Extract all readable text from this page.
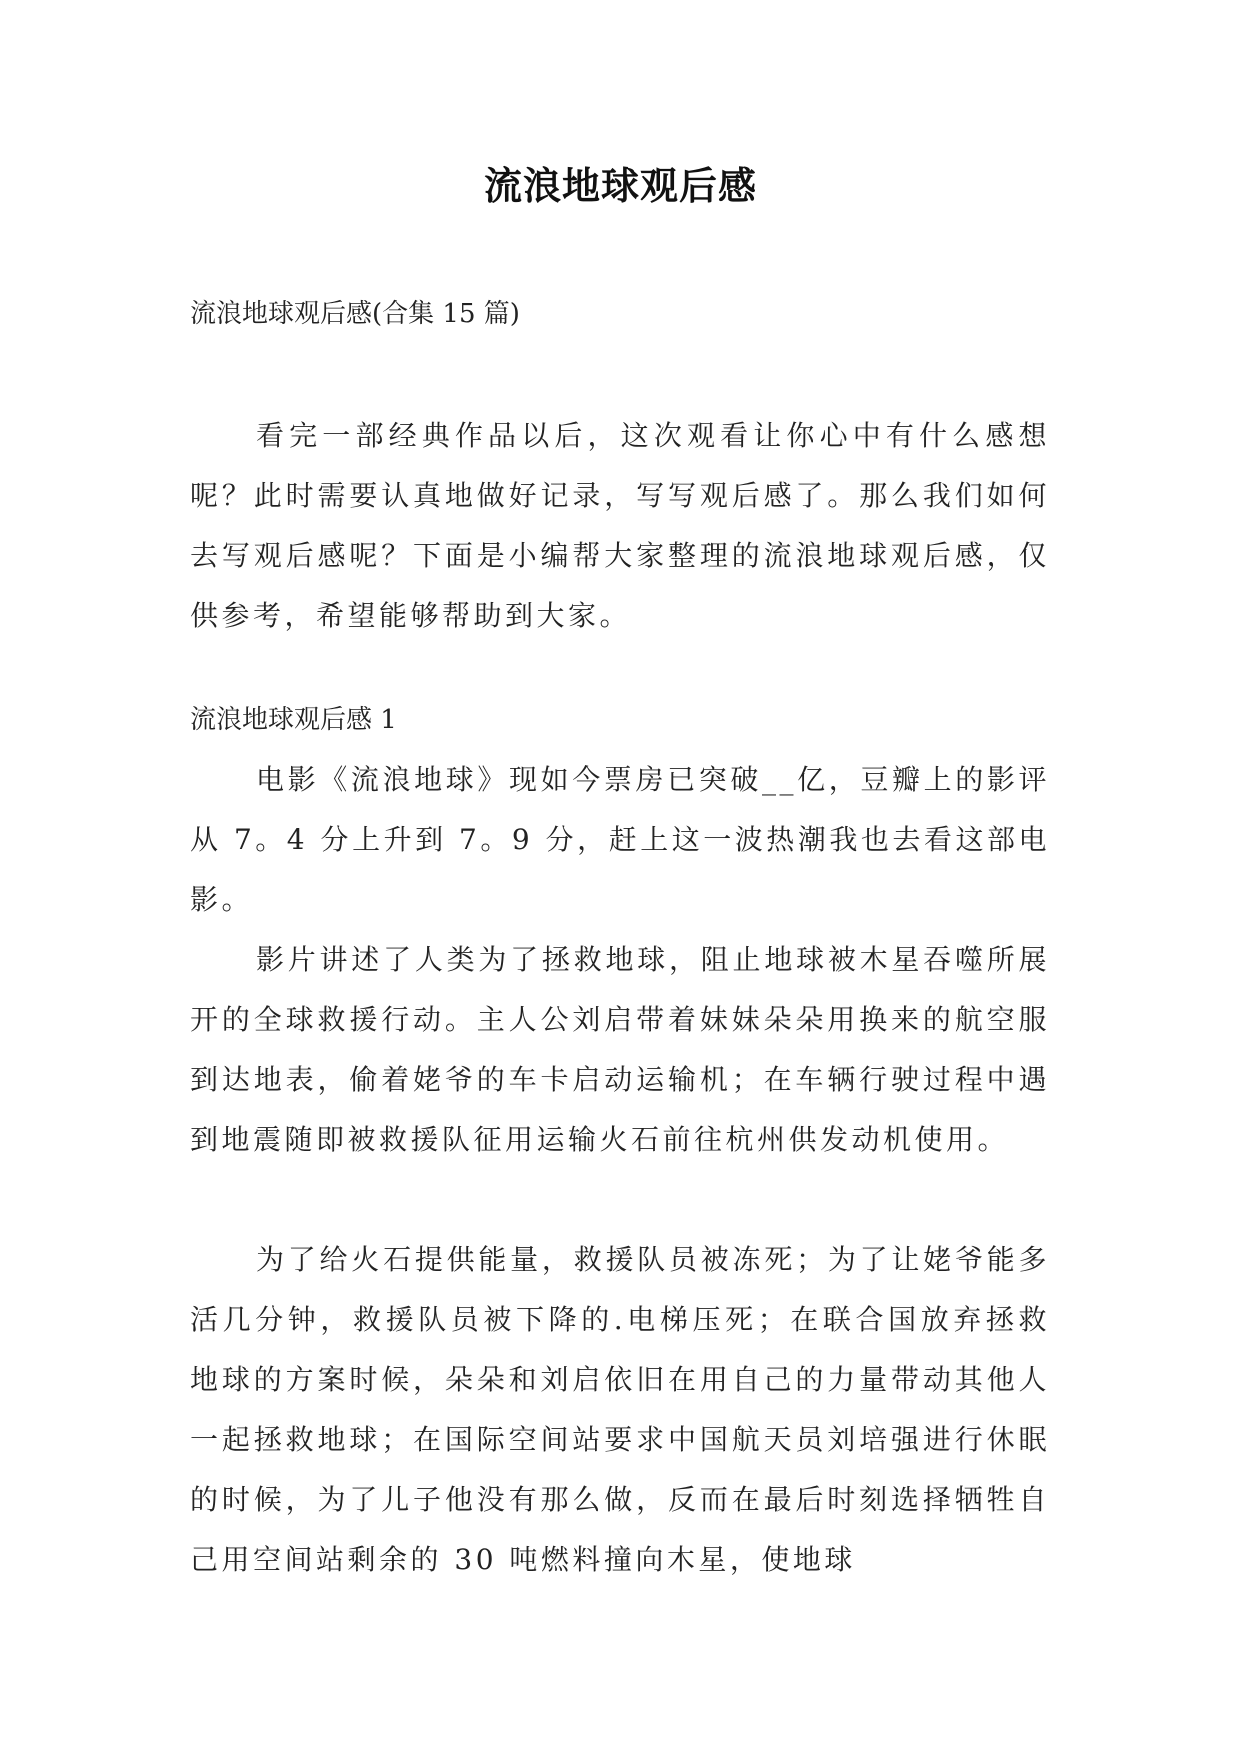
流浪地球观后感
流浪地球观后感(合集 15 篇)

看完一部经典作品以后，这次观看让你心中有什么感想呢？此时需要认真地做好记录，写写观后感了。那么我们如何去写观后感呢？下面是小编帮大家整理的流浪地球观后感，仅供参考，希望能够帮助到大家。

流浪地球观后感 1

电影《流浪地球》现如今票房已突破__亿，豆瓣上的影评从 7。4 分上升到 7。9 分，赶上这一波热潮我也去看这部电影。

影片讲述了人类为了拯救地球，阻止地球被木星吞噬所展开的全球救援行动。主人公刘启带着妹妹朵朵用换来的航空服到达地表，偷着姥爷的车卡启动运输机；在车辆行驶过程中遇到地震随即被救援队征用运输火石前往杭州供发动机使用。

为了给火石提供能量，救援队员被冻死；为了让姥爷能多活几分钟，救援队员被下降的.电梯压死；在联合国放弃拯救地球的方案时候，朵朵和刘启依旧在用自己的力量带动其他人一起拯救地球；在国际空间站要求中国航天员刘培强进行休眠的时候，为了儿子他没有那么做，反而在最后时刻选择牺牲自己用空间站剩余的 30 吨燃料撞向木星，使地球
